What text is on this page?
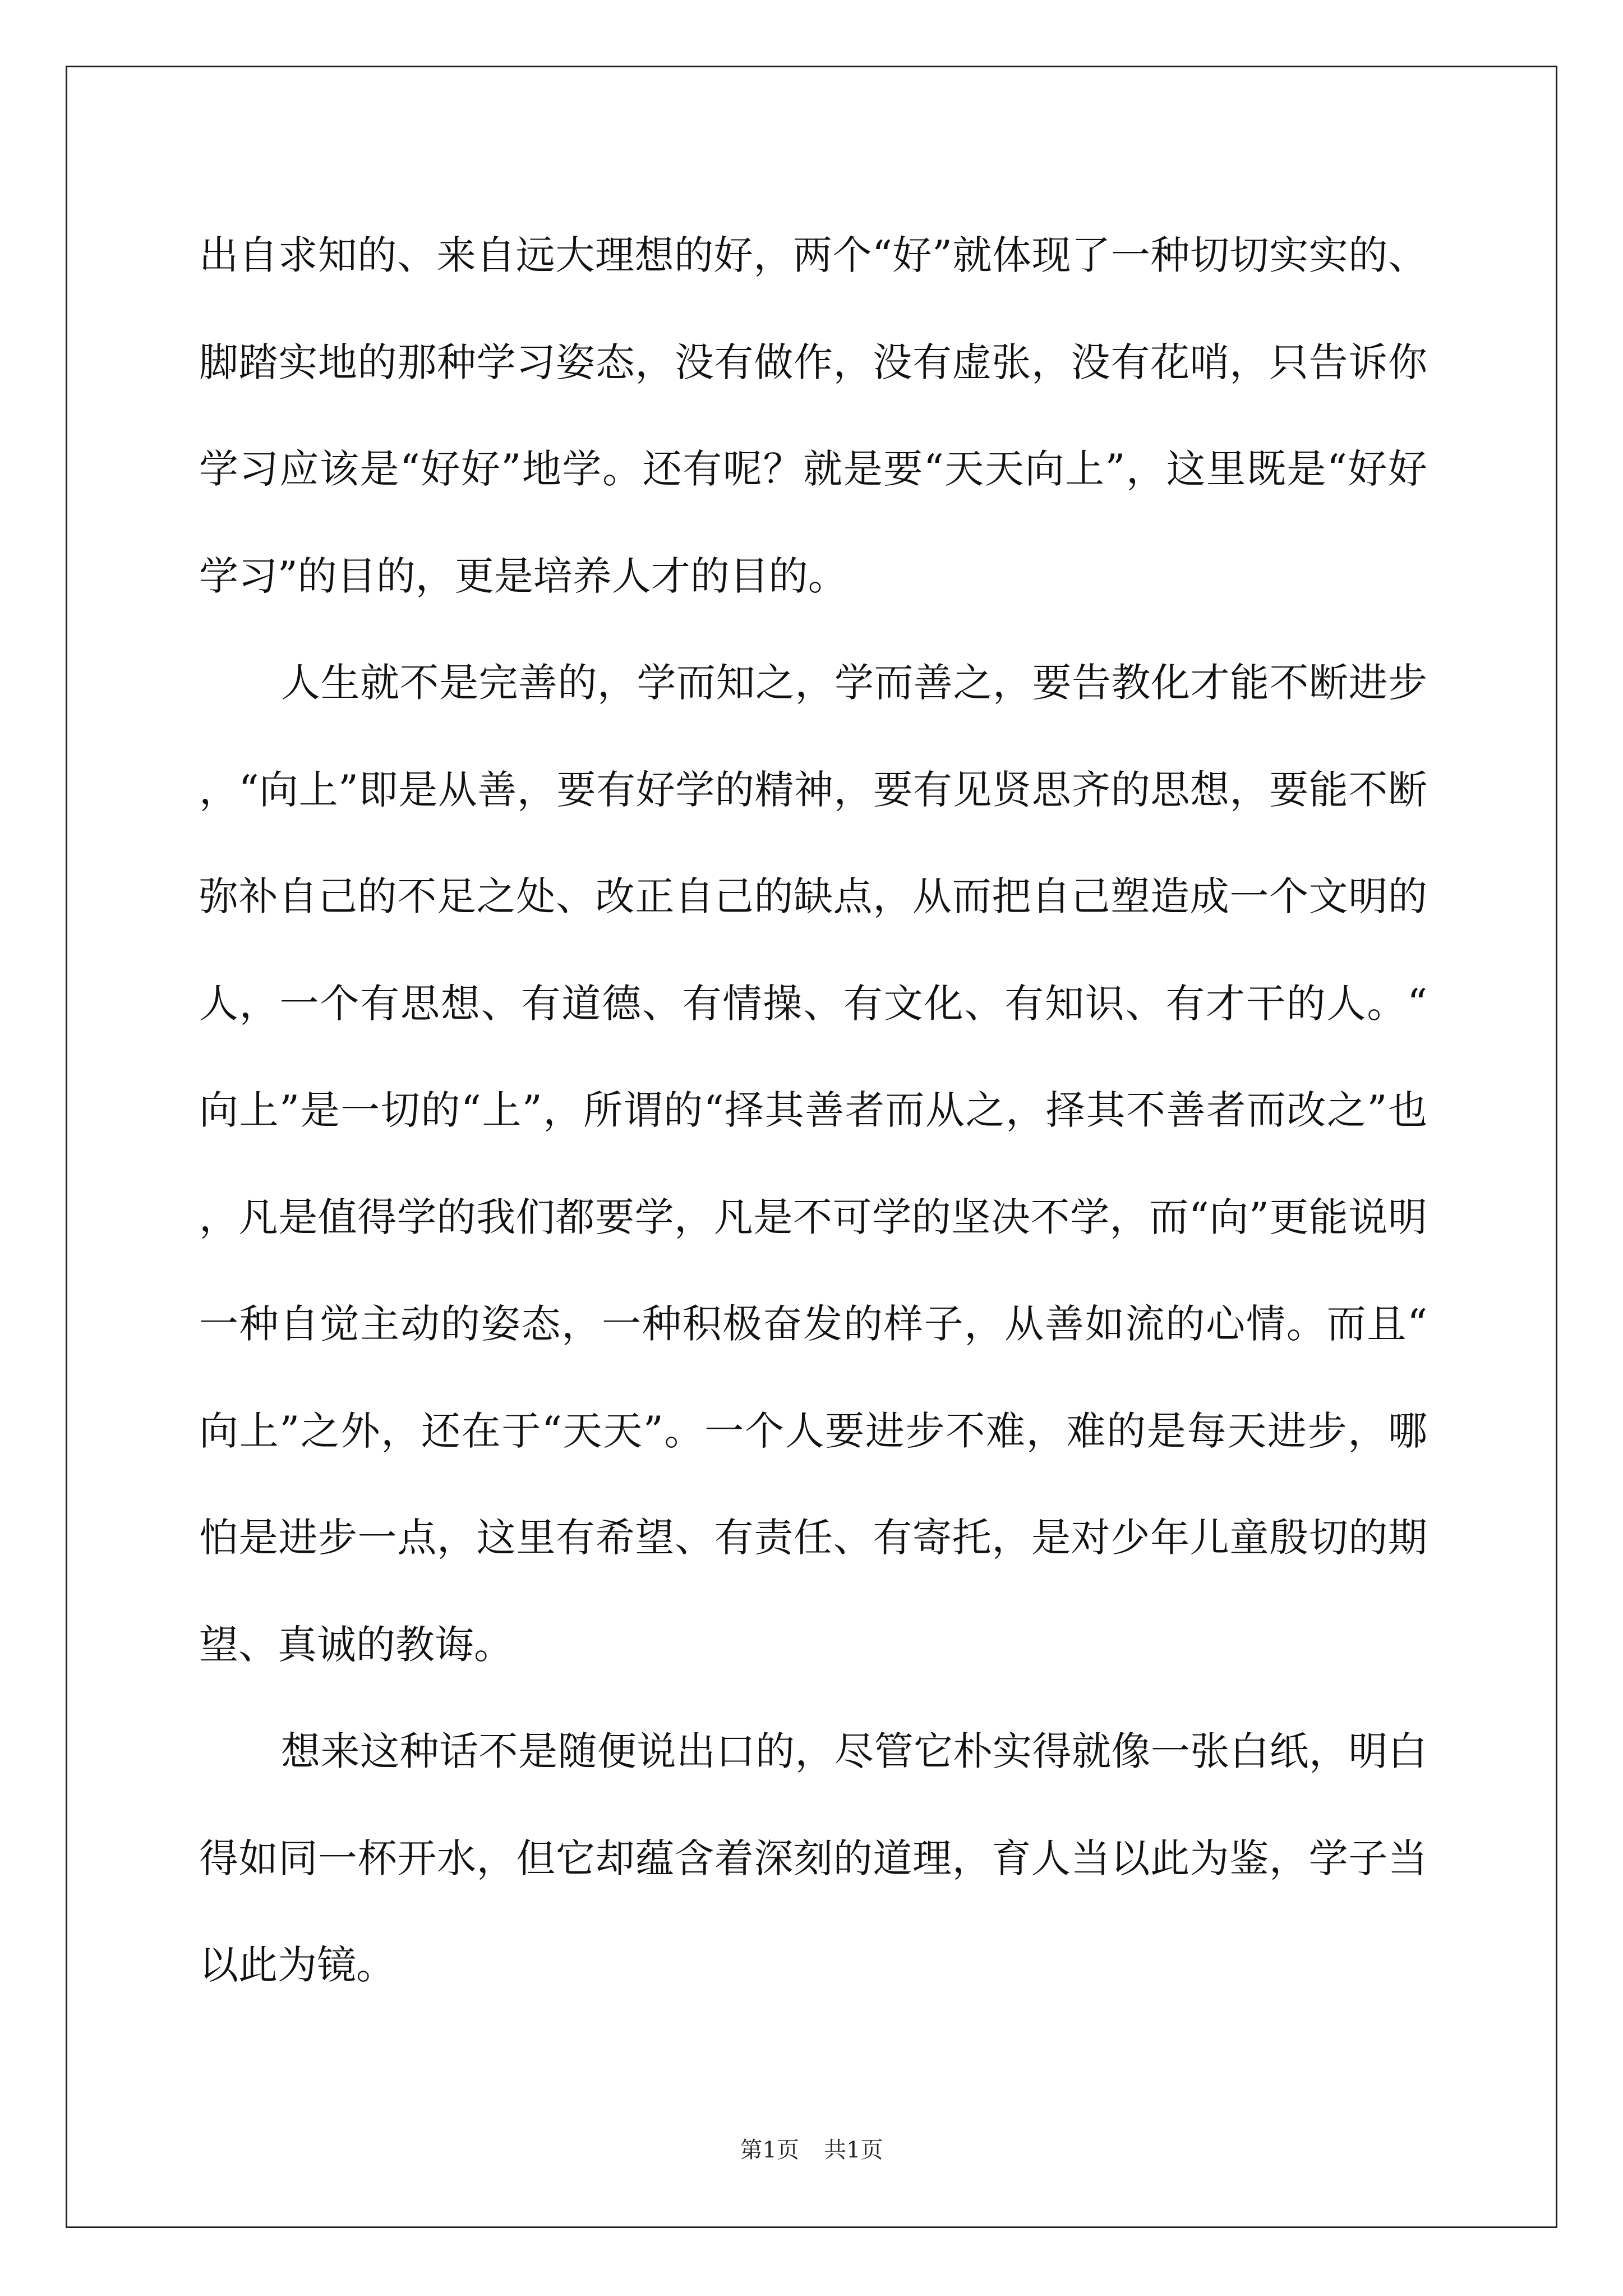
出自求知的、来自远大理想的好，两个“好”就体现了一种切切实实的、脚踏实地的那种学习姿态，没有做作，没有虚张，没有花哨，只告诉你学习应该是“好好”地学。还有呢？就是要“天天向上”，这里既是“好好学习”的目的，更是培养人才的目的。

人生就不是完善的，学而知之，学而善之，要告教化才能不断进步，“向上”即是从善，要有好学的精神，要有见贤思齐的思想，要能不断弥补自己的不足之处、改正自己的缺点，从而把自己塑造成一个文明的人，一个有思想、有道德、有情操、有文化、有知识、有才干的人。“向上”是一切的“上”，所谓的“择其善者而从之，择其不善者而改之”也，凡是值得学的我们都要学，凡是不可学的坚决不学，而“向”更能说明一种自觉主动的姿态，一种积极奋发的样子，从善如流的心情。而且“向上”之外，还在于“天天”。一个人要进步不难，难的是每天进步，哪怕是进步一点，这里有希望、有责任、有寄托，是对少年儿童殷切的期望、真诚的教诲。

想来这种话不是随便说出口的，尽管它朴实得就像一张白纸，明白得如同一杯开水，但它却蕴含着深刻的道理，育人当以此为鉴，学子当以此为镜。

第1页 共1页
